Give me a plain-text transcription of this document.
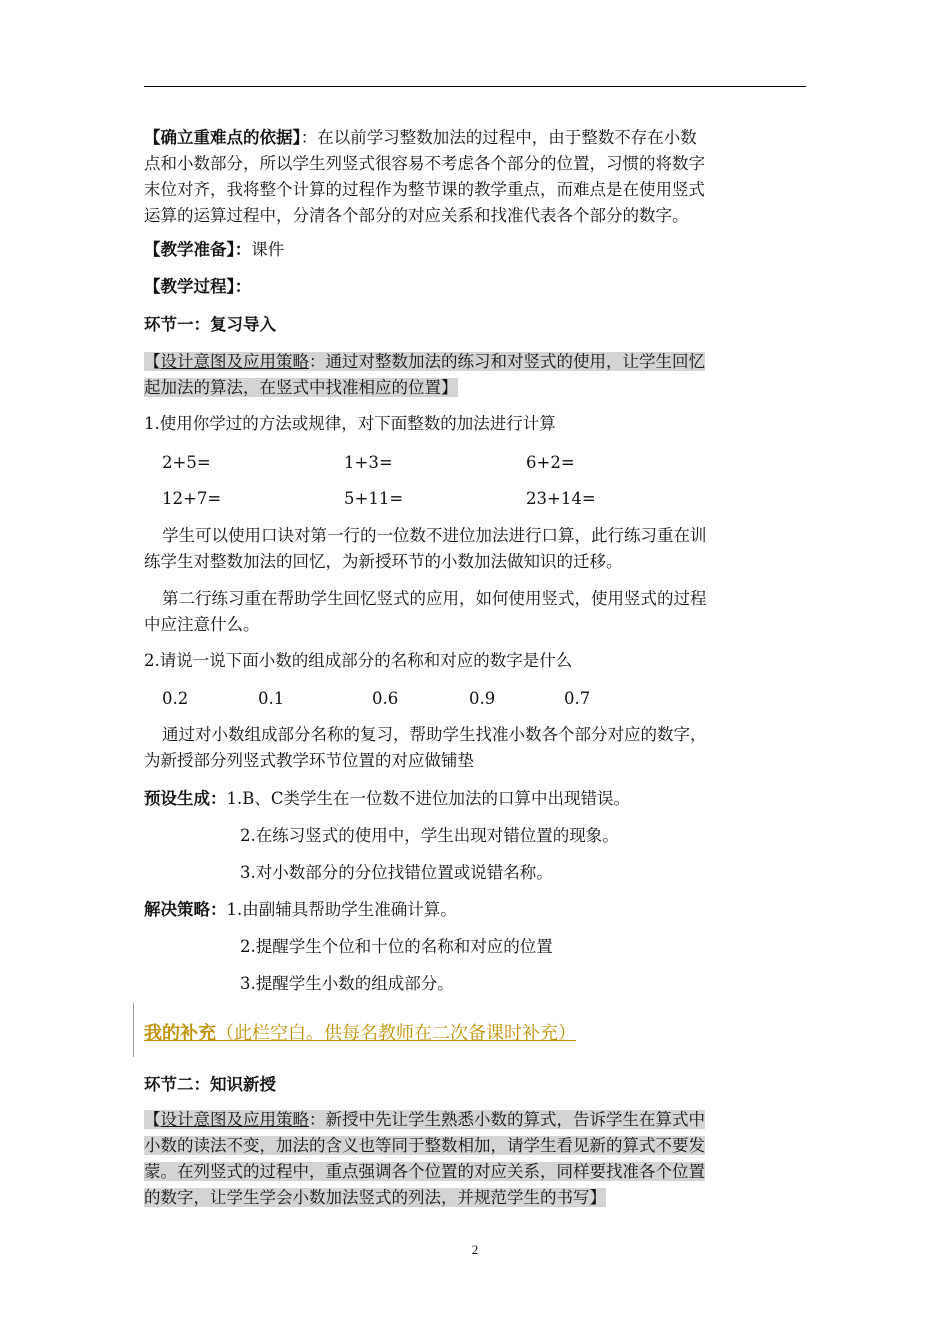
【确立重难点的依据】：在以前学习整数加法的过程中，由于整数不存在小数
点和小数部分，所以学生列竖式很容易不考虑各个部分的位置，习惯的将数字
末位对齐，我将整个计算的过程作为整节课的教学重点，而难点是在使用竖式
运算的运算过程中，分清各个部分的对应关系和找准代表各个部分的数字。
【教学准备】：课件
【教学过程】：
环节一：复习导入
【设计意图及应用策略：通过对整数加法的练习和对竖式的使用，让学生回忆
起加法的算法，在竖式中找准相应的位置】
1.使用你学过的方法或规律，对下面整数的加法进行计算
2+5=	1+3=	6+2=
12+7=	5+11=	23+14=
学生可以使用口诀对第一行的一位数不进位加法进行口算，此行练习重在训
练学生对整数加法的回忆，为新授环节的小数加法做知识的迁移。
第二行练习重在帮助学生回忆竖式的应用，如何使用竖式，使用竖式的过程
中应注意什么。
2.请说一说下面小数的组成部分的名称和对应的数字是什么
0.2	0.1	0.6	0.9	0.7
通过对小数组成部分名称的复习，帮助学生找准小数各个部分对应的数字，
为新授部分列竖式教学环节位置的对应做铺垫
预设生成：1.B、C类学生在一位数不进位加法的口算中出现错误。
2.在练习竖式的使用中，学生出现对错位置的现象。
3.对小数部分的分位找错位置或说错名称。
解决策略：1.由副辅具帮助学生准确计算。
2.提醒学生个位和十位的名称和对应的位置
3.提醒学生小数的组成部分。
我的补充（此栏空白。供每名教师在二次备课时补充）
环节二：知识新授
【设计意图及应用策略：新授中先让学生熟悉小数的算式，告诉学生在算式中
小数的读法不变，加法的含义也等同于整数相加，请学生看见新的算式不要发
蒙。在列竖式的过程中，重点强调各个位置的对应关系，同样要找准各个位置
的数字，让学生学会小数加法竖式的列法，并规范学生的书写】
2
